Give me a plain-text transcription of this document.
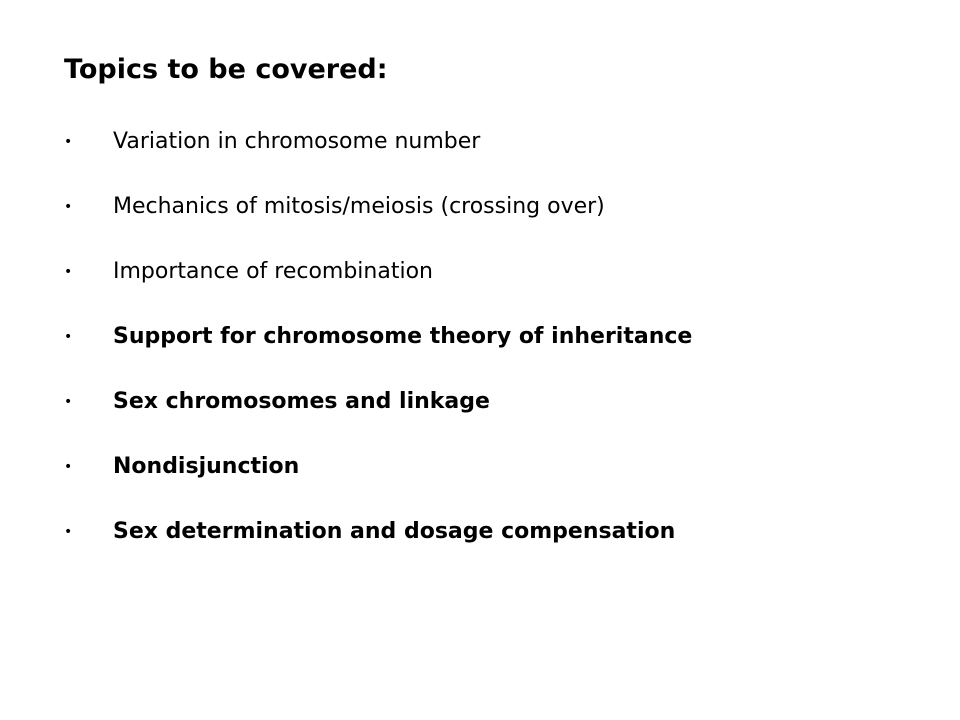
Topics to be covered:
• Variation in chromosome number
• Mechanics of mitosis/meiosis (crossing over)
• Importance of recombination
• Support for chromosome theory of inheritance
• Sex chromosomes and linkage
• Nondisjunction
• Sex determination and dosage compensation
